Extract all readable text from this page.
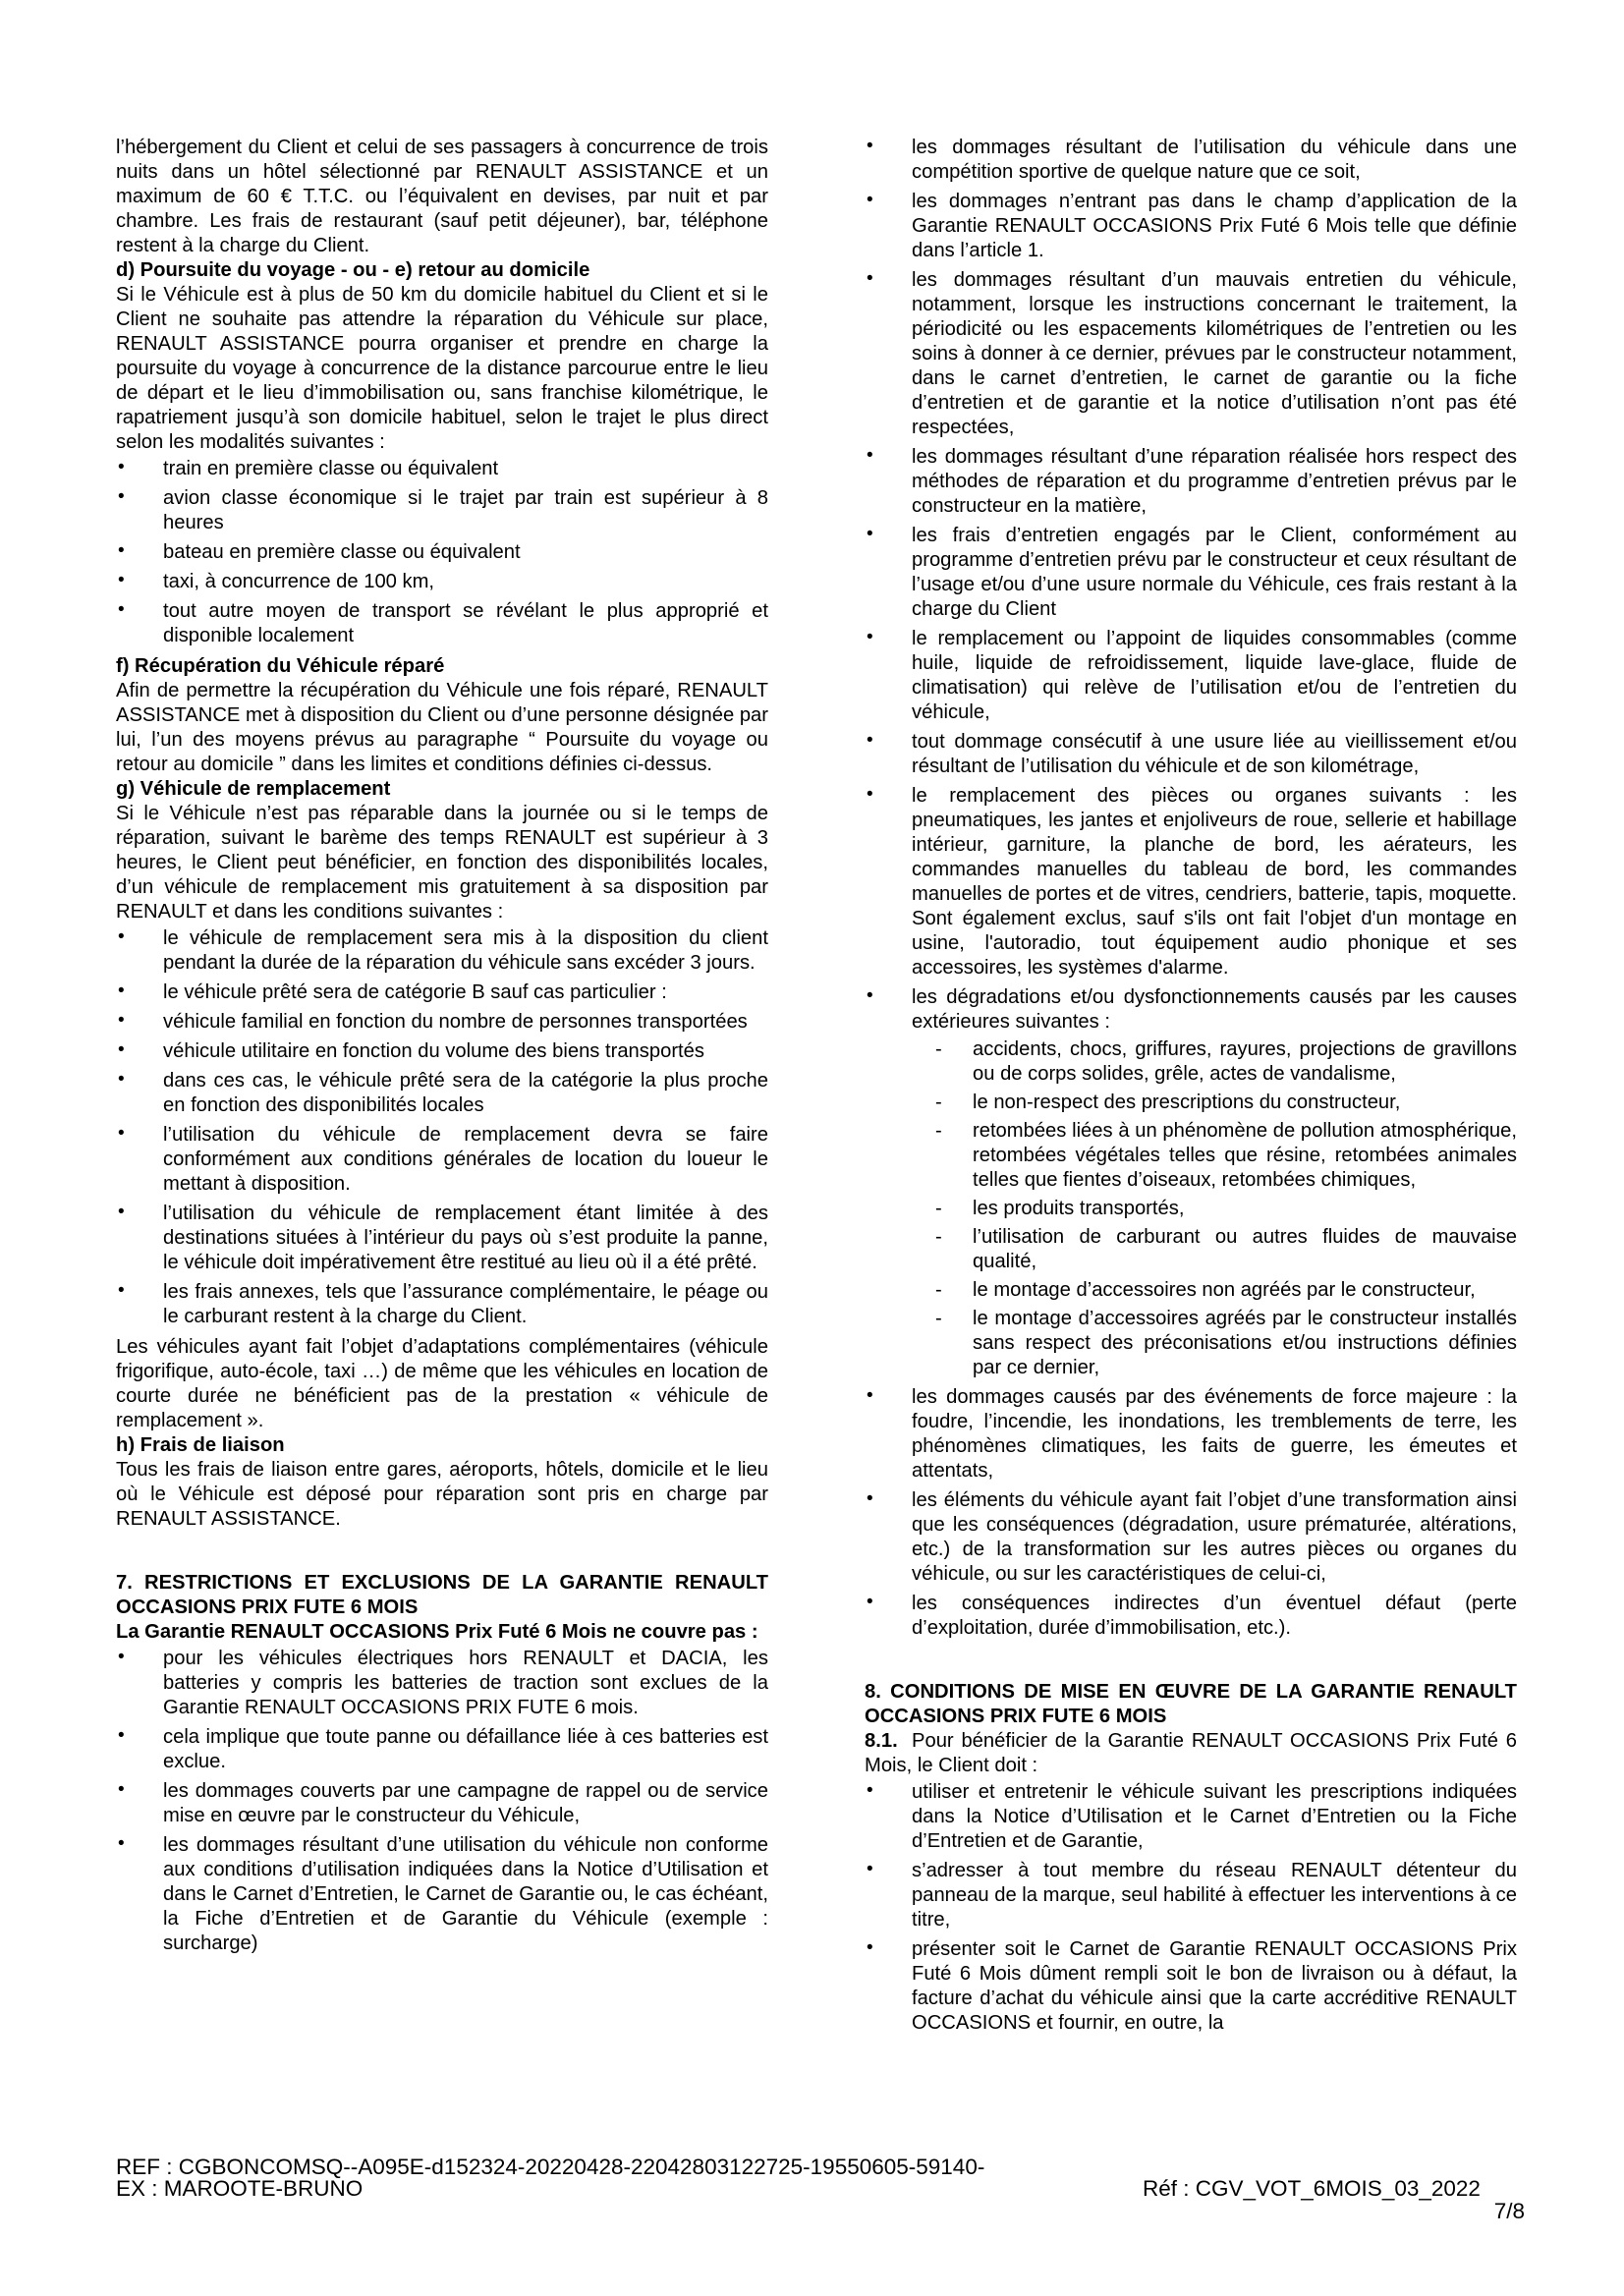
l’hébergement du Client et celui de ses passagers à concurrence de trois nuits dans un hôtel sélectionné par RENAULT ASSISTANCE et un maximum de 60 € T.T.C. ou l’équivalent en devises, par nuit et par chambre. Les frais de restaurant (sauf petit déjeuner), bar, téléphone restent à la charge du Client.

d) Poursuite du voyage - ou - e) retour au domicile

Si le Véhicule est à plus de 50 km du domicile habituel du Client et si le Client ne souhaite pas attendre la réparation du Véhicule sur place, RENAULT ASSISTANCE pourra organiser et prendre en charge la poursuite du voyage à concurrence de la distance parcourue entre le lieu de départ et le lieu d’immobilisation ou, sans franchise kilométrique, le rapatriement jusqu’à son domicile habituel, selon le trajet le plus direct selon les modalités suivantes :

• train en première classe ou équivalent
• avion classe économique si le trajet par train est supérieur à 8 heures
• bateau en première classe ou équivalent
• taxi, à concurrence de 100 km,
• tout autre moyen de transport se révélant le plus approprié et disponible localement

f) Récupération du Véhicule réparé

Afin de permettre la récupération du Véhicule une fois réparé, RENAULT ASSISTANCE met à disposition du Client ou d’une personne désignée par lui, l’un des moyens prévus au paragraphe “ Poursuite du voyage ou retour au domicile ” dans les limites et conditions définies ci-dessus.

g) Véhicule de remplacement

Si le Véhicule n’est pas réparable dans la journée ou si le temps de réparation, suivant le barème des temps RENAULT est supérieur à 3 heures, le Client peut bénéficier, en fonction des disponibilités locales, d’un véhicule de remplacement mis gratuitement à sa disposition par RENAULT et dans les conditions suivantes :

• le véhicule de remplacement sera mis à la disposition du client pendant la durée de la réparation du véhicule sans excéder 3 jours.
• le véhicule prêté sera de catégorie B sauf cas particulier :
• véhicule familial en fonction du nombre de personnes transportées
• véhicule utilitaire en fonction du volume des biens transportés
• dans ces cas, le véhicule prêté sera de la catégorie la plus proche en fonction des disponibilités locales
• l’utilisation du véhicule de remplacement devra se faire conformément aux conditions générales de location du loueur le mettant à disposition.
• l’utilisation du véhicule de remplacement étant limitée à des destinations situées à l’intérieur du pays où s’est produite la panne, le véhicule doit impérativement être restitué au lieu où il a été prêté.
• les frais annexes, tels que l’assurance complémentaire, le péage ou le carburant restent à la charge du Client.

Les véhicules ayant fait l’objet d’adaptations complémentaires (véhicule frigorifique, auto-école, taxi …) de même que les véhicules en location de courte durée ne bénéficient pas de la prestation « véhicule de remplacement ».

h) Frais de liaison

Tous les frais de liaison entre gares, aéroports, hôtels, domicile et le lieu où le Véhicule est déposé pour réparation sont pris en charge par RENAULT ASSISTANCE.

7. RESTRICTIONS ET EXCLUSIONS DE LA GARANTIE RENAULT OCCASIONS PRIX FUTE 6 MOIS

La Garantie RENAULT OCCASIONS Prix Futé 6 Mois ne couvre pas :

• pour les véhicules électriques hors RENAULT et DACIA, les batteries y compris les batteries de traction sont exclues de la Garantie RENAULT OCCASIONS PRIX FUTE 6 mois.
• cela implique que toute panne ou défaillance liée à ces batteries est exclue.
• les dommages couverts par une campagne de rappel ou de service mise en œuvre par le constructeur du Véhicule,
• les dommages résultant d’une utilisation du véhicule non conforme aux conditions d’utilisation indiquées dans la Notice d’Utilisation et dans le Carnet d’Entretien, le Carnet de Garantie ou, le cas échéant, la Fiche d’Entretien et de Garantie du Véhicule (exemple : surcharge)
• les dommages résultant de l’utilisation du véhicule dans une compétition sportive de quelque nature que ce soit,
• les dommages n’entrant pas dans le champ d’application de la Garantie RENAULT OCCASIONS Prix Futé 6 Mois telle que définie dans l’article 1.
• les dommages résultant d’un mauvais entretien du véhicule, notamment, lorsque les instructions concernant le traitement, la périodicité ou les espacements kilométriques de l’entretien ou les soins à donner à ce dernier, prévues par le constructeur notamment, dans le carnet d’entretien, le carnet de garantie ou la fiche d’entretien et de garantie et la notice d’utilisation n’ont pas été respectées,
• les dommages résultant d’une réparation réalisée hors respect des méthodes de réparation et du programme d’entretien prévus par le constructeur en la matière,
• les frais d’entretien engagés par le Client, conformément au programme d’entretien prévu par le constructeur et ceux résultant de l’usage et/ou d’une usure normale du Véhicule, ces frais restant à la charge du Client
• le remplacement ou l’appoint de liquides consommables (comme huile, liquide de refroidissement, liquide lave-glace, fluide de climatisation) qui relève de l’utilisation et/ou de l’entretien du véhicule,
• tout dommage consécutif à une usure liée au vieillissement et/ou résultant de l’utilisation du véhicule et de son kilométrage,
• le remplacement des pièces ou organes suivants : les pneumatiques, les jantes et enjoliveurs de roue, sellerie et habillage intérieur, garniture, la planche de bord, les aérateurs, les commandes manuelles du tableau de bord, les commandes manuelles de portes et de vitres, cendriers, batterie, tapis, moquette. Sont également exclus, sauf s'ils ont fait l'objet d'un montage en usine, l'autoradio, tout équipement audio phonique et ses accessoires, les systèmes d'alarme.
• les dégradations et/ou dysfonctionnements causés par les causes extérieures suivantes :
- accidents, chocs, griffures, rayures, projections de gravillons ou de corps solides, grêle, actes de vandalisme,
- le non-respect des prescriptions du constructeur,
- retombées liées à un phénomène de pollution atmosphérique, retombées végétales telles que résine, retombées animales telles que fientes d’oiseaux, retombées chimiques,
- les produits transportés,
- l’utilisation de carburant ou autres fluides de mauvaise qualité,
- le montage d’accessoires non agréés par le constructeur,
- le montage d’accessoires agréés par le constructeur installés sans respect des préconisations et/ou instructions définies par ce dernier,
• les dommages causés par des événements de force majeure : la foudre, l’incendie, les inondations, les tremblements de terre, les phénomènes climatiques, les faits de guerre, les émeutes et attentats,
• les éléments du véhicule ayant fait l’objet d’une transformation ainsi que les conséquences (dégradation, usure prématurée, altérations, etc.) de la transformation sur les autres pièces ou organes du véhicule, ou sur les caractéristiques de celui-ci,
• les conséquences indirectes d’un éventuel défaut (perte d’exploitation, durée d’immobilisation, etc.).

8. CONDITIONS DE MISE EN ŒUVRE DE LA GARANTIE RENAULT OCCASIONS PRIX FUTE 6 MOIS

8.1. Pour bénéficier de la Garantie RENAULT OCCASIONS Prix Futé 6 Mois, le Client doit :

• utiliser et entretenir le véhicule suivant les prescriptions indiquées dans la Notice d’Utilisation et le Carnet d’Entretien ou la Fiche d’Entretien et de Garantie,
• s’adresser à tout membre du réseau RENAULT détenteur du panneau de la marque, seul habilité à effectuer les interventions à ce titre,
• présenter soit le Carnet de Garantie RENAULT OCCASIONS Prix Futé 6 Mois dûment rempli soit le bon de livraison ou à défaut, la facture d’achat du véhicule ainsi que la carte accréditive RENAULT OCCASIONS et fournir, en outre, la
REF : CGBONCOMSQ--A095E-d152324-20220428-22042803122725-19550605-59140-
EX : MAROOTE-BRUNO	Réf : CGV_VOT_6MOIS_03_2022
7/8
